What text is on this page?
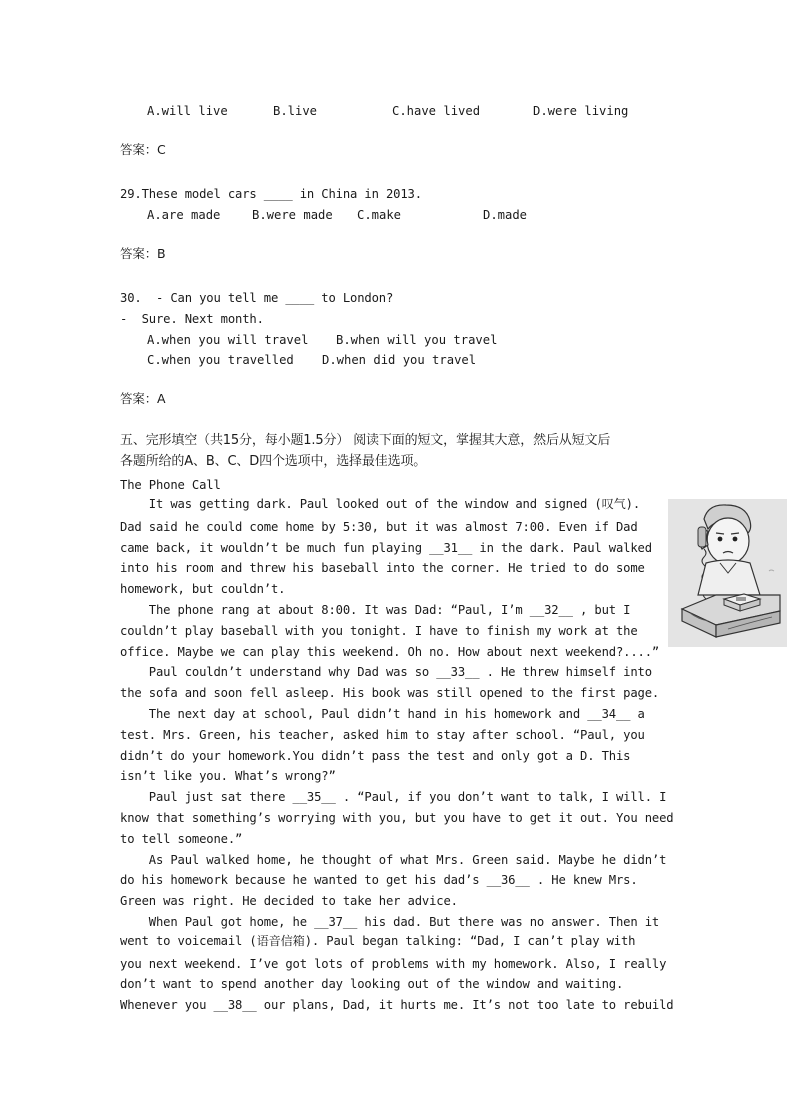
A.will live	B.live	C.have lived	D.were living
答案：C
29.These model cars ____ in China in 2013.
A.are made	B.were made C.make	D.made
答案：B
30.  - Can you tell me ____ to London?
-  Sure. Next month.
A.when you will travel B.when will you travel
C.when you travelled D.when did you travel
答案：A
五、完形填空（共15分，每小题1.5分） 阅读下面的短文，掌握其大意，然后从短文后
各题所给的A、B、C、D四个选项中，选择最佳选项。
The Phone Call
It was getting dark. Paul looked out of the window and signed (叹气).
Dad said he could come home by 5:30, but it was almost 7:00. Even if Dad
came back, it wouldn’t be much fun playing __31__ in the dark. Paul walked
into his room and threw his baseball into the corner. He tried to do some
homework, but couldn’t.
The phone rang at about 8:00. It was Dad: “Paul, I’m __32__ , but I
couldn’t play baseball with you tonight. I have to finish my work at the
office. Maybe we can play this weekend. Oh no. How about next weekend?....”
Paul couldn’t understand why Dad was so __33__ . He threw himself into
the sofa and soon fell asleep. His book was still opened to the first page.
The next day at school, Paul didn’t hand in his homework and __34__ a
test. Mrs. Green, his teacher, asked him to stay after school. “Paul, you
didn’t do your homework.You didn’t pass the test and only got a D. This
isn’t like you. What’s wrong?”
Paul just sat there __35__ . “Paul, if you don’t want to talk, I will. I
know that something’s worrying with you, but you have to get it out. You need
to tell someone.”
As Paul walked home, he thought of what Mrs. Green said. Maybe he didn’t
do his homework because he wanted to get his dad’s __36__ . He knew Mrs.
Green was right. He decided to take her advice.
When Paul got home, he __37__ his dad. But there was no answer. Then it
went to voicemail (语音信箱). Paul began talking: “Dad, I can’t play with
you next weekend. I’ve got lots of problems with my homework. Also, I really
don’t want to spend another day looking out of the window and waiting.
Whenever you __38__ our plans, Dad, it hurts me. It’s not too late to rebuild
